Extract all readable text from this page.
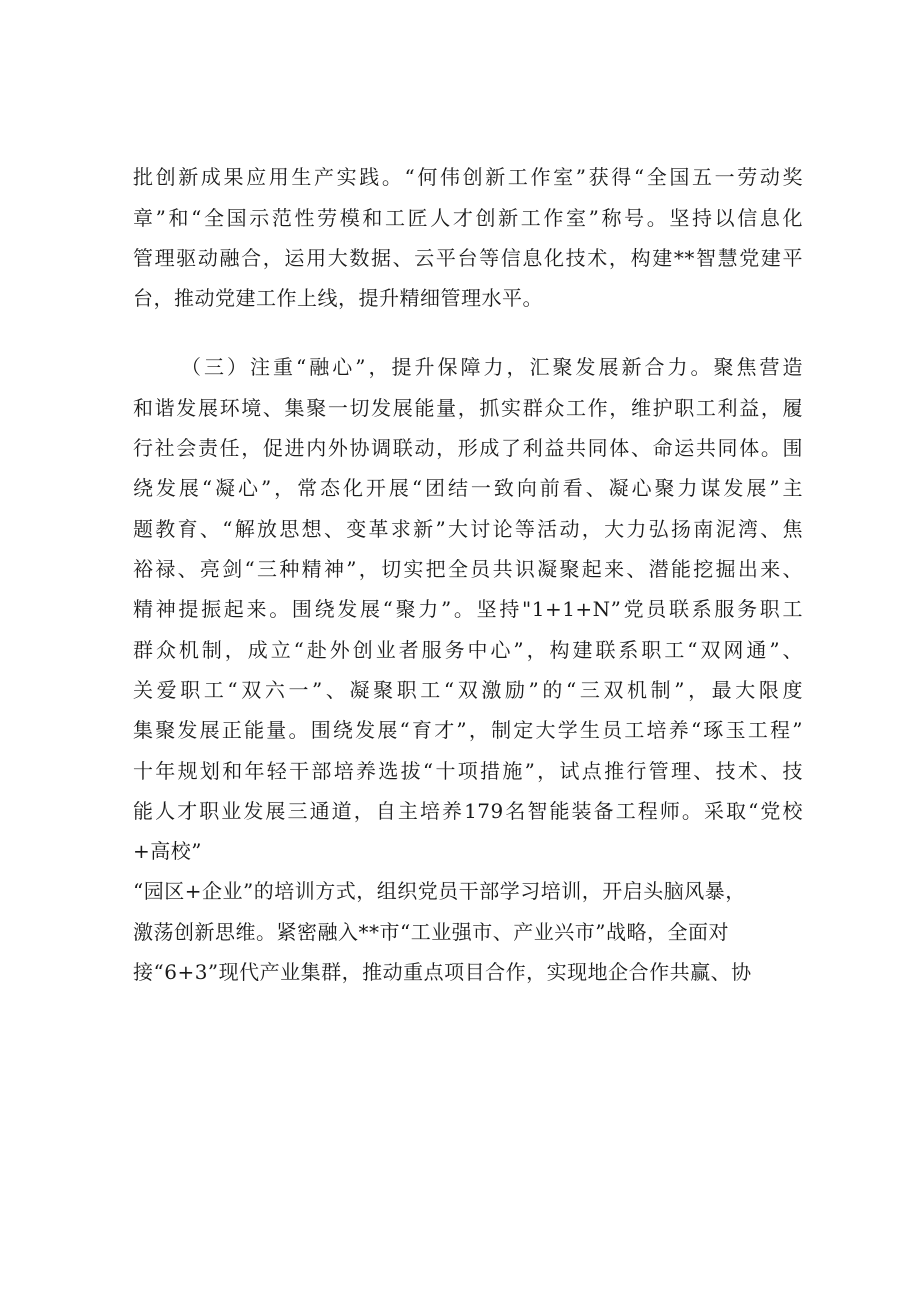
批创新成果应用生产实践。“何伟创新工作室”获得“全国五一劳动奖
章”和“全国示范性劳模和工匠人才创新工作室”称号。坚持以信息化
管理驱动融合，运用大数据、云平台等信息化技术，构建**智慧党建平
台，推动党建工作上线，提升精细管理水平。
（三）注重“融心”，提升保障力，汇聚发展新合力。聚焦营造
和谐发展环境、集聚一切发展能量，抓实群众工作，维护职工利益，履
行社会责任，促进内外协调联动，形成了利益共同体、命运共同体。围
绕发展“凝心”，常态化开展“团结一致向前看、凝心聚力谋发展”主
题教育、“解放思想、变革求新”大讨论等活动，大力弘扬南泥湾、焦
裕禄、亮剑“三种精神”，切实把全员共识凝聚起来、潜能挖掘出来、
精神提振起来。围绕发展“聚力”。坚持"1+1+N”党员联系服务职工
群众机制，成立“赴外创业者服务中心”，构建联系职工“双网通”、
关爱职工“双六一”、凝聚职工“双激励”的“三双机制”，最大限度
集聚发展正能量。围绕发展“育才”，制定大学生员工培养“琢玉工程”
十年规划和年轻干部培养选拔“十项措施”，试点推行管理、技术、技
能人才职业发展三通道，自主培养179名智能装备工程师。采取“党校
+高校”
“园区+企业”的培训方式，组织党员干部学习培训，开启头脑风暴，
激荡创新思维。紧密融入**市“工业强市、产业兴市”战略，全面对
接“6+3”现代产业集群，推动重点项目合作，实现地企合作共赢、协
